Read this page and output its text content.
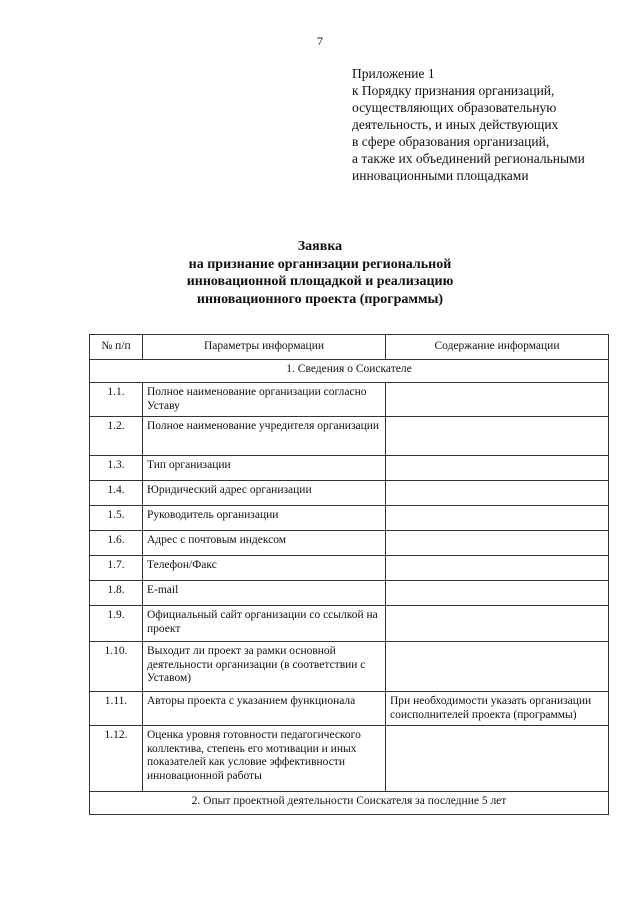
7
Приложение 1
к Порядку признания организаций,
осуществляющих образовательную
деятельность, и иных действующих
в сфере образования организаций,
а также их объединений региональными
инновационными площадками
Заявка
на признание организации региональной
инновационной площадкой и реализацию
инновационного проекта (программы)
№ п/п	Параметры информации	Содержание информации
1. Сведения о Соискателе		
1.1.	Полное наименование организации согласно Уставу	
1.2.	Полное наименование учредителя организации	
1.3.	Тип организации	
1.4.	Юридический адрес организации	
1.5.	Руководитель организации	
1.6.	Адрес с почтовым индексом	
1.7.	Телефон/Факс	
1.8.	E-mail	
1.9.	Официальный сайт организации со ссылкой на проект	
1.10.	Выходит ли проект за рамки основной деятельности организации (в соответствии с Уставом)	
1.11.	Авторы проекта с указанием функционала	При необходимости указать организации соисполнителей проекта (программы)
1.12.	Оценка уровня готовности педагогического коллектива, степень его мотивации и иных показателей как условие эффективности инновационной работы	
2. Опыт проектной деятельности Соискателя за последние 5 лет		
